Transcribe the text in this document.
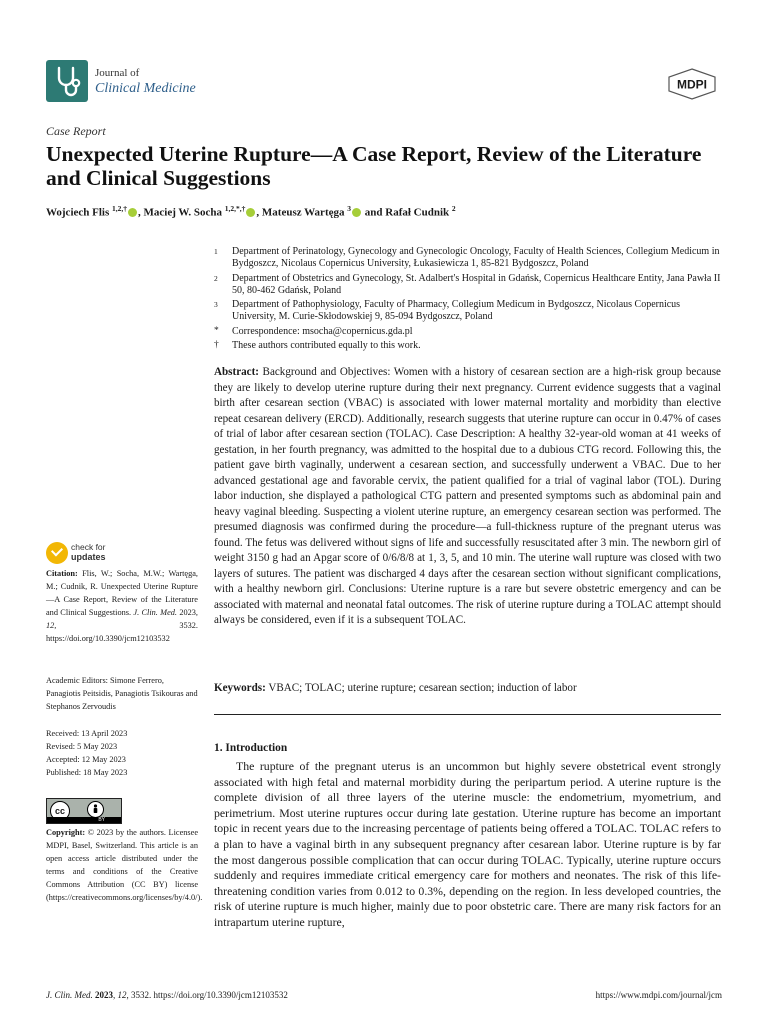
Journal of
Clinical Medicine	MDPI
Case Report
Unexpected Uterine Rupture—A Case Report, Review of the Literature and Clinical Suggestions
Wojciech Flis $^{1,2,\dagger}$ , Maciej W. Socha $^{1,2,*,\dagger}$ , Mateusz Wartęga $^3$ and Rafał Cudnik $^2$
1	Department of Perinatology, Gynecology and Gynecologic Oncology, Faculty of Health Sciences, Collegium Medicum in Bydgoszcz, Nicolaus Copernicus University, Łukasiewicza 1, 85-821 Bydgoszcz, Poland
2	Department of Obstetrics and Gynecology, St. Adalbert's Hospital in Gdańsk, Copernicus Healthcare Entity, Jana Pawła II 50, 80-462 Gdańsk, Poland
3	Department of Pathophysiology, Faculty of Pharmacy, Collegium Medicum in Bydgoszcz, Nicolaus Copernicus University, M. Curie-Skłodowskiej 9, 85-094 Bydgoszcz, Poland
*	Correspondence: msocha@copernicus.gda.pl
†	These authors contributed equally to this work.

Abstract: Background and Objectives: Women with a history of cesarean section are a high-risk group because they are likely to develop uterine rupture during their next pregnancy. Current evidence suggests that a vaginal birth after cesarean section (VBAC) is associated with lower maternal mortality and morbidity than elective repeat cesarean delivery (ERCD). Additionally, research suggests that uterine rupture can occur in 0.47% of cases of trial of labor after cesarean section (TOLAC). Case Description: A healthy 32-year-old woman at 41 weeks of gestation, in her fourth pregnancy, was admitted to the hospital due to a dubious CTG record. Following this, the patient gave birth vaginally, underwent a cesarean section, and successfully underwent a VBAC. Due to her advanced gestational age and favorable cervix, the patient qualified for a trial of vaginal labor (TOL). During labor induction, she displayed a pathological CTG pattern and presented symptoms such as abdominal pain and heavy vaginal bleeding. Suspecting a violent uterine rupture, an emergency cesarean section was performed. The presumed diagnosis was confirmed during the procedure—a full-thickness rupture of the pregnant uterus was found. The fetus was delivered without signs of life and successfully resuscitated after 3 min. The newborn girl of weight 3150 g had an Apgar score of 0/6/8/8 at 1, 3, 5, and 10 min. The uterine wall rupture was closed with two layers of sutures. The patient was discharged 4 days after the cesarean section without significant complications, with a healthy newborn girl. Conclusions: Uterine rupture is a rare but severe obstetric emergency and can be associated with maternal and neonatal fatal outcomes. The risk of uterine rupture during a TOLAC attempt should always be considered, even if it is a subsequent TOLAC.

Keywords: VBAC; TOLAC; uterine rupture; cesarean section; induction of labor
check for
updates
Citation: Flis, W.; Socha, M.W.; Wartęga, M.; Cudnik, R. Unexpected Uterine Rupture—A Case Report, Review of the Literature and Clinical Suggestions. J. Clin. Med. 2023, 12, 3532. https://doi.org/10.3390/jcm12103532
Academic Editors: Simone Ferrero, Panagiotis Peitsidis, Panagiotis Tsikouras and Stephanos Zervoudis
Received: 13 April 2023
Revised: 5 May 2023
Accepted: 12 May 2023
Published: 18 May 2023
cc
BY
Copyright: © 2023 by the authors. Licensee MDPI, Basel, Switzerland. This article is an open access article distributed under the terms and conditions of the Creative Commons Attribution (CC BY) license (https://creativecommons.org/licenses/by/4.0/).
1. Introduction

The rupture of the pregnant uterus is an uncommon but highly severe obstetrical event strongly associated with high fetal and maternal morbidity during the peripartum period. A uterine rupture is the complete division of all three layers of the uterine muscle: the endometrium, myometrium, and perimetrium. Most uterine ruptures occur during late gestation. Uterine rupture has become an important topic in recent years due to the increasing percentage of patients being offered a TOLAC. TOLAC refers to a plan to have a vaginal birth in any subsequent pregnancy after cesarean labor. Uterine rupture is by far the most dangerous possible complication that can occur during TOLAC. Typically, uterine rupture occurs suddenly and requires immediate critical emergency care for mothers and neonates. The risk of this life-threatening condition varies from 0.012 to 0.3%, depending on the region. In less developed countries, the risk of uterine rupture is much higher, mainly due to poor obstetric care. There are many risk factors for an intrapartum uterine rupture,

J. Clin. Med. 2023, 12, 3532. https://doi.org/10.3390/jcm12103532	https://www.mdpi.com/journal/jcm
